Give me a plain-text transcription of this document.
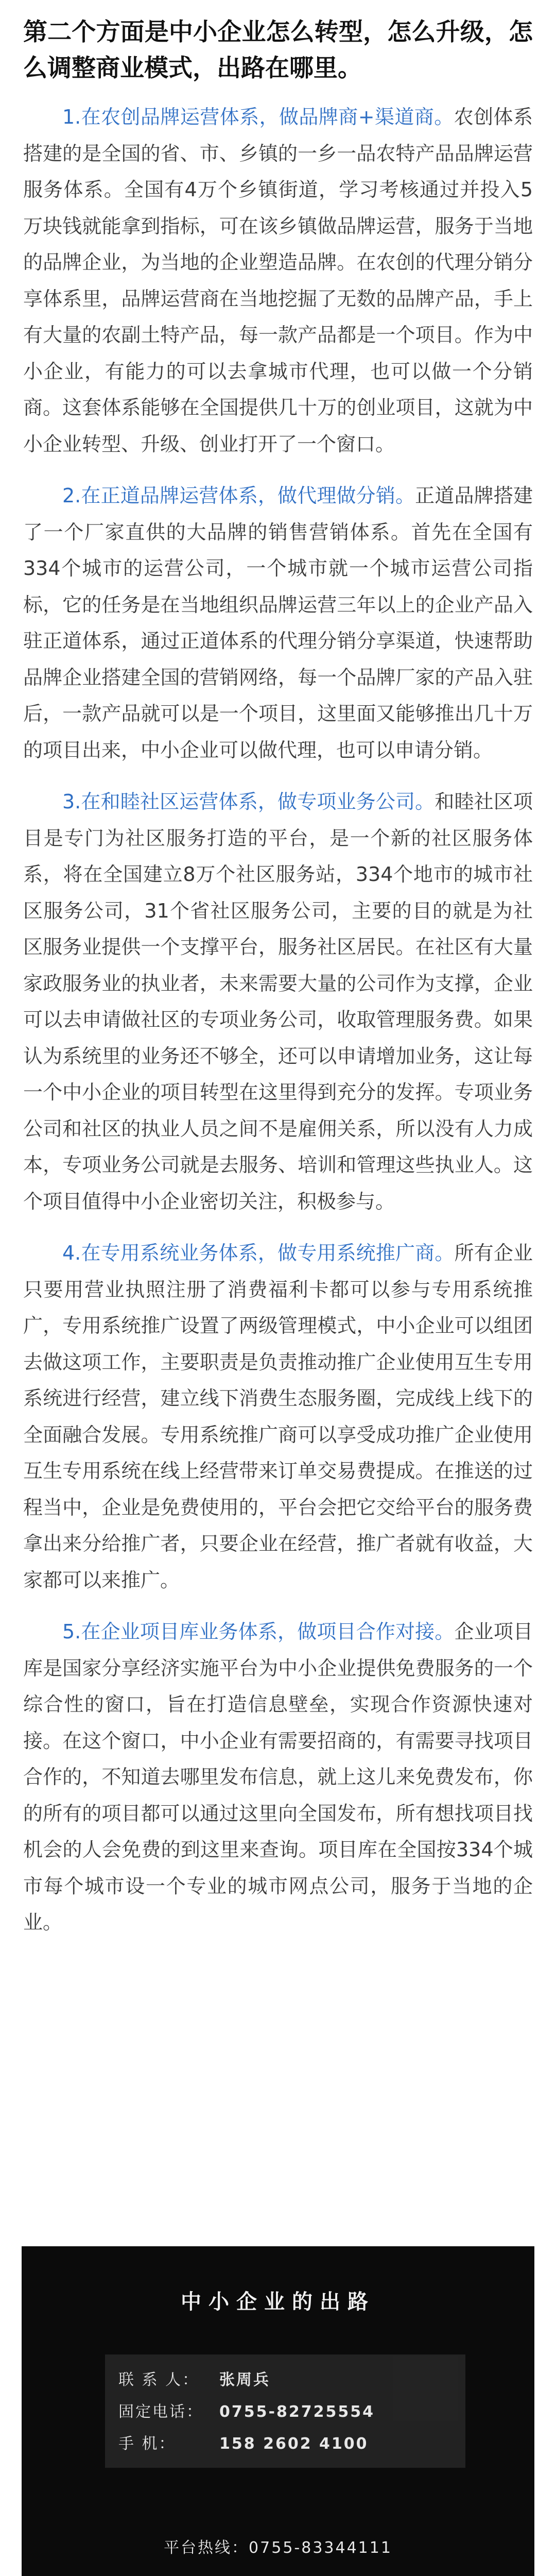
第二个方面是中小企业怎么转型，怎么升级，怎么调整商业模式，出路在哪里。

1.在农创品牌运营体系，做品牌商+渠道商。农创体系搭建的是全国的省、市、乡镇的一乡一品农特产品品牌运营服务体系。全国有4万个乡镇街道，学习考核通过并投入5万块钱就能拿到指标，可在该乡镇做品牌运营，服务于当地的品牌企业，为当地的企业塑造品牌。在农创的代理分销分享体系里，品牌运营商在当地挖掘了无数的品牌产品，手上有大量的农副土特产品，每一款产品都是一个项目。作为中小企业，有能力的可以去拿城市代理，也可以做一个分销商。这套体系能够在全国提供几十万的创业项目，这就为中小企业转型、升级、创业打开了一个窗口。

2.在正道品牌运营体系，做代理做分销。正道品牌搭建了一个厂家直供的大品牌的销售营销体系。首先在全国有334个城市的运营公司，一个城市就一个城市运营公司指标，它的任务是在当地组织品牌运营三年以上的企业产品入驻正道体系，通过正道体系的代理分销分享渠道，快速帮助品牌企业搭建全国的营销网络，每一个品牌厂家的产品入驻后，一款产品就可以是一个项目，这里面又能够推出几十万的项目出来，中小企业可以做代理，也可以申请分销。

3.在和睦社区运营体系，做专项业务公司。和睦社区项目是专门为社区服务打造的平台，是一个新的社区服务体系，将在全国建立8万个社区服务站，334个地市的城市社区服务公司，31个省社区服务公司，主要的目的就是为社区服务业提供一个支撑平台，服务社区居民。在社区有大量家政服务业的执业者，未来需要大量的公司作为支撑，企业可以去申请做社区的专项业务公司，收取管理服务费。如果认为系统里的业务还不够全，还可以申请增加业务，这让每一个中小企业的项目转型在这里得到充分的发挥。专项业务公司和社区的执业人员之间不是雇佣关系，所以没有人力成本，专项业务公司就是去服务、培训和管理这些执业人。这个项目值得中小企业密切关注，积极参与。

4.在专用系统业务体系，做专用系统推广商。所有企业只要用营业执照注册了消费福利卡都可以参与专用系统推广，专用系统推广设置了两级管理模式，中小企业可以组团去做这项工作，主要职责是负责推动推广企业使用互生专用系统进行经营，建立线下消费生态服务圈，完成线上线下的全面融合发展。专用系统推广商可以享受成功推广企业使用互生专用系统在线上经营带来订单交易费提成。在推送的过程当中，企业是免费使用的，平台会把它交给平台的服务费拿出来分给推广者，只要企业在经营，推广者就有收益，大家都可以来推广。

5.在企业项目库业务体系，做项目合作对接。企业项目库是国家分享经济实施平台为中小企业提供免费服务的一个综合性的窗口，旨在打造信息壁垒，实现合作资源快速对接。在这个窗口，中小企业有需要招商的，有需要寻找项目合作的，不知道去哪里发布信息，就上这儿来免费发布，你的所有的项目都可以通过这里向全国发布，所有想找项目找机会的人会免费的到这里来查询。项目库在全国按334个城市每个城市设一个专业的城市网点公司，服务于当地的企业。

中小企业的出路
联 系 人： 张周兵
固定电话： 0755-82725554
手 机：	158 2602 4100
平台热线：0755-83344111
